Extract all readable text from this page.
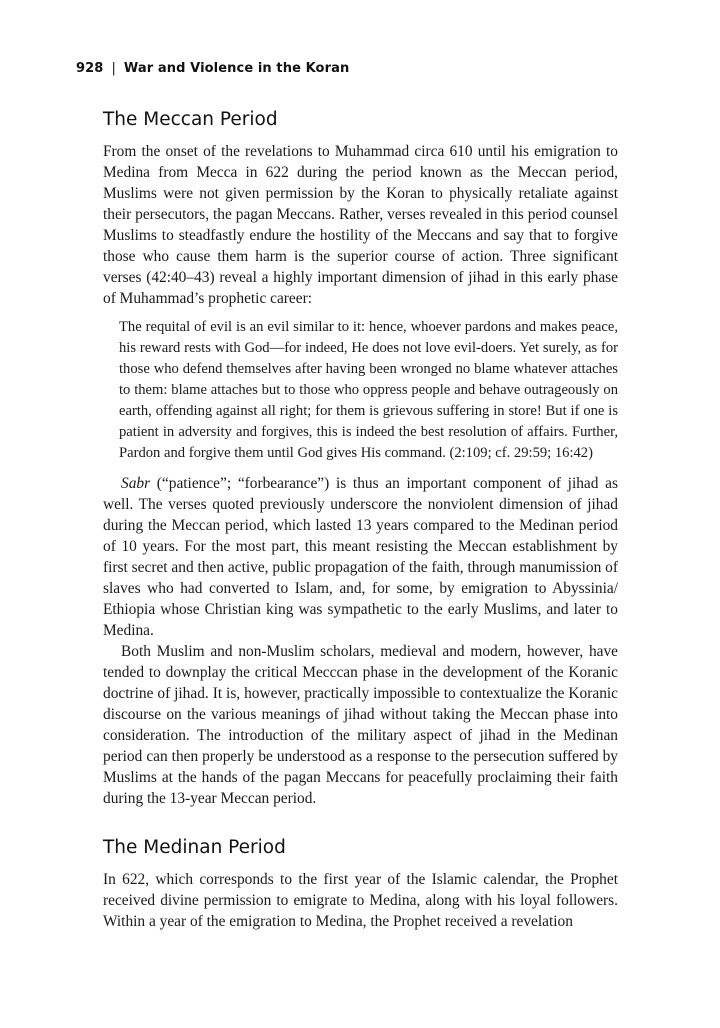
928 | War and Violence in the Koran
The Meccan Period

From the onset of the revelations to Muhammad circa 610 until his emigration to Medina from Mecca in 622 during the period known as the Meccan period, Muslims were not given permission by the Koran to physically retaliate against their persecutors, the pagan Meccans. Rather, verses revealed in this period counsel Muslims to steadfastly endure the hostility of the Meccans and say that to forgive those who cause them harm is the superior course of action. Three significant verses (42:40–43) reveal a highly important dimension of jihad in this early phase of Muhammad’s prophetic career:

The requital of evil is an evil similar to it: hence, whoever pardons and makes peace, his reward rests with God—for indeed, He does not love evil-doers. Yet surely, as for those who defend themselves after having been wronged no blame whatever attaches to them: blame attaches but to those who oppress people and behave outrageously on earth, offending against all right; for them is grievous suffering in store! But if one is patient in adversity and forgives, this is indeed the best resolution of affairs. Further, Pardon and forgive them until God gives His command. (2:109; cf. 29:59; 16:42)

Sabr (“patience”; “forbearance”) is thus an important component of jihad as well. The verses quoted previously underscore the nonviolent dimension of jihad during the Meccan period, which lasted 13 years compared to the Medinan period of 10 years. For the most part, this meant resisting the Meccan establishment by first secret and then active, public propagation of the faith, through manumission of slaves who had converted to Islam, and, for some, by emigration to Abyssinia/ Ethiopia whose Christian king was sympathetic to the early Muslims, and later to Medina.

Both Muslim and non-Muslim scholars, medieval and modern, however, have tended to downplay the critical Mecccan phase in the development of the Koranic doctrine of jihad. It is, however, practically impossible to contextualize the Koranic discourse on the various meanings of jihad without taking the Meccan phase into consideration. The introduction of the military aspect of jihad in the Medinan period can then properly be understood as a response to the persecution suffered by Muslims at the hands of the pagan Meccans for peacefully proclaiming their faith during the 13-year Meccan period.

The Medinan Period

In 622, which corresponds to the first year of the Islamic calendar, the Prophet received divine permission to emigrate to Medina, along with his loyal followers. Within a year of the emigration to Medina, the Prophet received a revelation
